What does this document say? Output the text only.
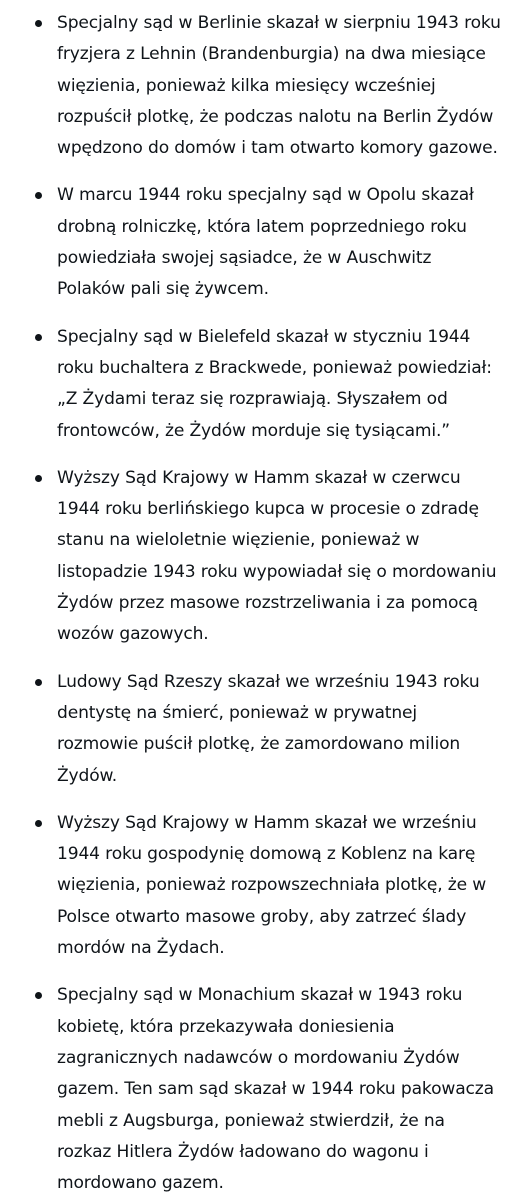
Specjalny sąd w Berlinie skazał w sierpniu 1943 roku fryzjera z Lehnin (Brandenburgia) na dwa miesiące więzienia, ponieważ kilka miesięcy wcześniej rozpuścił plotkę, że podczas nalotu na Berlin Żydów wpędzono do domów i tam otwarto komory gazowe.
W marcu 1944 roku specjalny sąd w Opolu skazał drobną rolniczkę, która latem poprzedniego roku powiedziała swojej sąsiadce, że w Auschwitz Polaków pali się żywcem.
Specjalny sąd w Bielefeld skazał w styczniu 1944 roku buchaltera z Brackwede, ponieważ powiedział: „Z Żydami teraz się rozprawiają. Słyszałem od frontowców, że Żydów morduje się tysiącami.”
Wyższy Sąd Krajowy w Hamm skazał w czerwcu 1944 roku berlińskiego kupca w procesie o zdradę stanu na wieloletnie więzienie, ponieważ w listopadzie 1943 roku wypowiadał się o mordowaniu Żydów przez masowe rozstrzeliwania i za pomocą wozów gazowych.
Ludowy Sąd Rzeszy skazał we wrześniu 1943 roku dentystę na śmierć, ponieważ w prywatnej rozmowie puścił plotkę, że zamordowano milion Żydów.
Wyższy Sąd Krajowy w Hamm skazał we wrześniu 1944 roku gospodynię domową z Koblenz na karę więzienia, ponieważ rozpowszechniała plotkę, że w Polsce otwarto masowe groby, aby zatrzeć ślady mordów na Żydach.
Specjalny sąd w Monachium skazał w 1943 roku kobietę, która przekazywała doniesienia zagranicznych nadawców o mordowaniu Żydów gazem. Ten sam sąd skazał w 1944 roku pakowacza mebli z Augsburga, ponieważ stwierdził, że na rozkaz Hitlera Żydów ładowano do wagonu i mordowano gazem.
